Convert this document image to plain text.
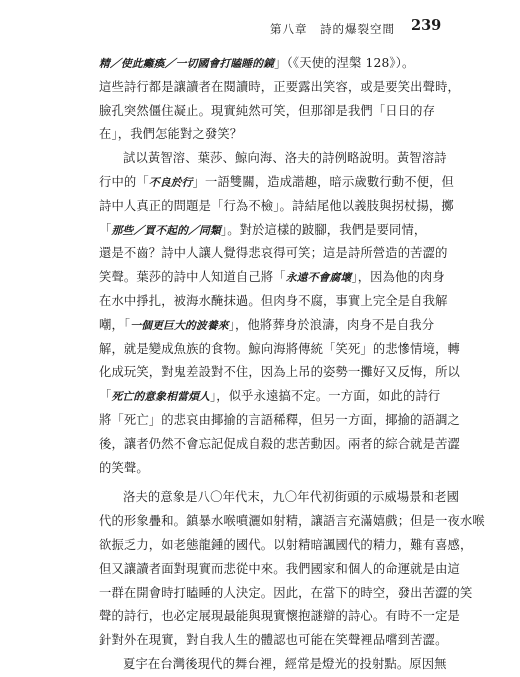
第八章　詩的爆裂空間 239
精／使此癱瘓／一切國會打瞌睡的鏡」（《天使的涅槃 128》）。
這些詩行都是讓讀者在閱讀時，正要露出笑容，或是要笑出聲時，
臉孔突然僵住凝止。現實純然可笑，但那卻是我們「日日的存
在」，我們怎能對之發笑？
試以黃智溶、葉莎、鯨向海、洛夫的詩例略說明。黃智溶詩
行中的「不良於行」一語雙關，造成諧趣，暗示歲數行動不便，但
詩中人真正的問題是「行為不檢」。詩結尾他以義肢與拐杖揚，擲
「那些／買不起的／同類」。對於這樣的跛腳，我們是要同情，
還是不齒？詩中人讓人覺得悲哀得可笑；這是詩所營造的苦澀的
笑聲。葉莎的詩中人知道自己將「永遠不會腐壞」，因為他的肉身
在水中掙扎，被海水醃抹過。但肉身不腐，事實上完全是自我解
嘲，「一個更巨大的波養來」，他將葬身於浪濤，肉身不是自我分
解，就是變成魚族的食物。鯨向海將傳統「笑死」的悲慘情境，轉
化成玩笑，對鬼差設對不住，因為上吊的姿勢一攤好又反悔，所以
「死亡的意象相當煩人」，似乎永遠搞不定。一方面，如此的詩行
將「死亡」的悲哀由揶揄的言語稀釋，但另一方面，揶揄的語調之
後，讓者仍然不會忘記促成自殺的悲苦動因。兩者的綜合就是苦澀
的笑聲。
洛夫的意象是八〇年代末，九〇年代初街頭的示威場景和老國
代的形象疊和。鎮暴水喉噴灑如射精，讓語言充滿嬉戲；但是一夜水喉
欲振乏力，如老態龍鍾的國代。以射精暗諷國代的精力，難有喜感，
但又讓讀者面對現實而悲從中來。我們國家和個人的命運就是由這
一群在開會時打瞌睡的人決定。因此，在當下的時空，發出苦澀的笑
聲的詩行，也必定展現最能與現實懷抱謎辯的詩心。有時不一定是
針對外在現實，對自我人生的體認也可能在笑聲裡品嚐到苦澀。
夏宇在台灣後現代的舞台裡，經常是燈光的投射點。原因無
